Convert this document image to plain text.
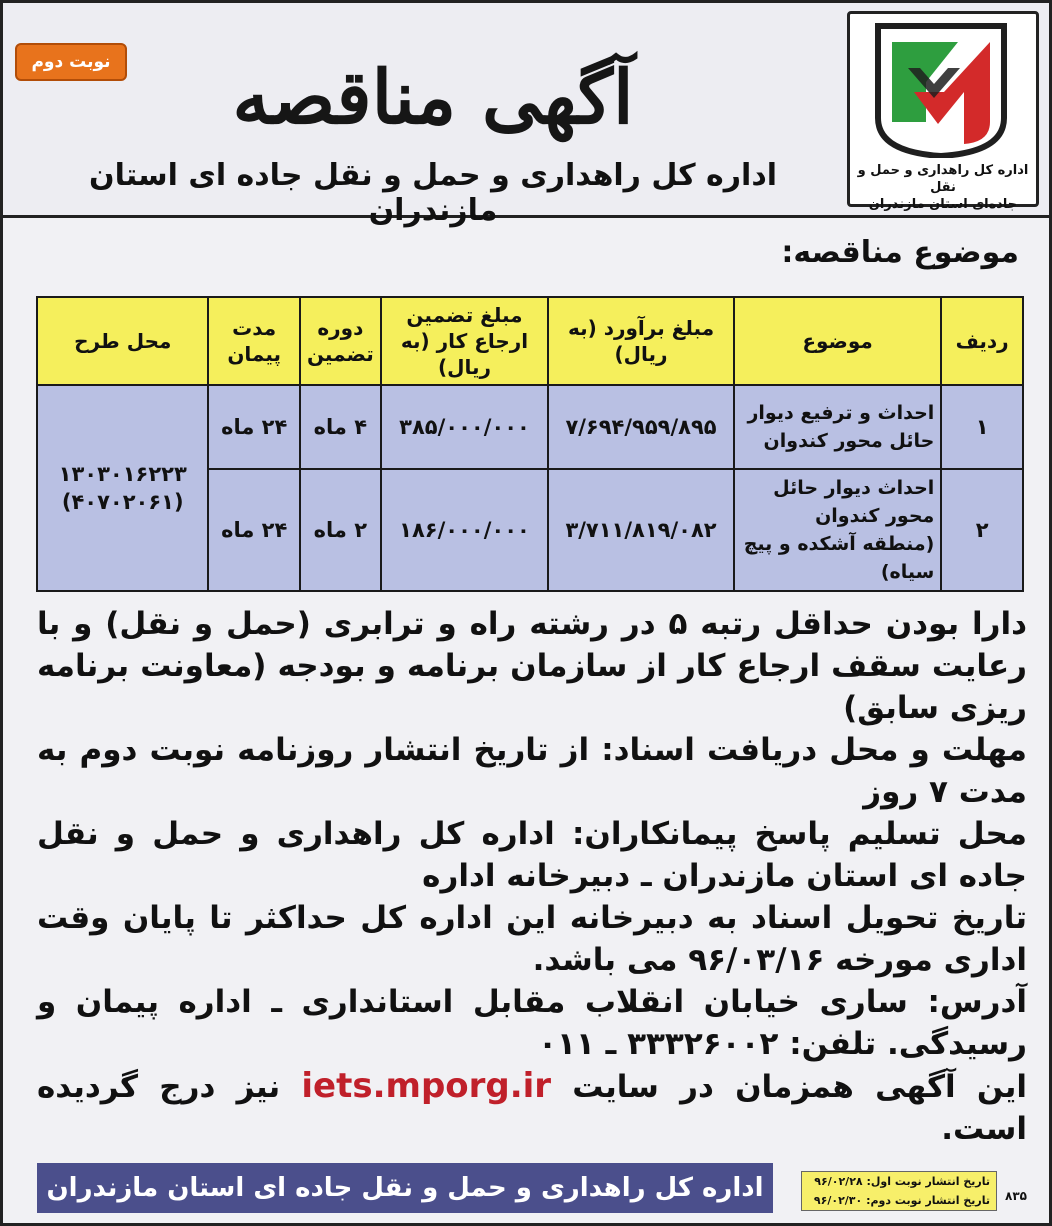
اداره کل راهداری و حمل و نقل
جاده‌ای استان مازندران
نوبت دوم	آگهی مناقصه
اداره کل راهداری و حمل و نقل جاده ای استان مازندران
موضوع مناقصه:
ردیف	موضوع	مبلغ برآورد (به ریال)	مبلغ تضمین ارجاع کار (به ریال)	دوره تضمین	مدت پیمان	محل طرح
۱	احداث و ترفیع دیوار حائل محور کندوان	۷/۶۹۴/۹۵۹/۸۹۵	۳۸۵/۰۰۰/۰۰۰	۴ ماه	۲۴ ماه	۱۳۰۳۰۱۶۲۲۳
(۴۰۷۰۲۰۶۱)

۲	احداث دیوار حائل محور کندوان (منطقه آشکده و پیچ سیاه)	۳/۷۱۱/۸۱۹/۰۸۲	۱۸۶/۰۰۰/۰۰۰	۲ ماه	۲۴ ماه	

دارا بودن حداقل رتبه ۵ در رشته راه و ترابری (حمل و نقل) و با رعایت سقف ارجاع کار از سازمان برنامه و بودجه (معاونت برنامه ریزی سابق)

مهلت و محل دریافت اسناد: از تاریخ انتشار روزنامه نوبت دوم به مدت ۷ روز

محل تسلیم پاسخ پیمانکاران: اداره کل راهداری و حمل و نقل جاده ای استان مازندران ـ دبیرخانه اداره

تاریخ تحویل اسناد به دبیرخانه این اداره کل حداکثر تا پایان وقت اداری مورخه ۹۶/۰۳/۱۶ می باشد.

آدرس: ساری خیابان انقلاب مقابل استانداری ـ اداره پیمان و رسیدگی. تلفن: ۳۳۳۲۶۰۰۲ ـ ۰۱۱

این آگهی همزمان در سایت iets.mporg.ir نیز درج گردیده است.

اداره کل راهداری و حمل و نقل جاده ای استان مازندران	تاریخ انتشار نوبت اول: ۹۶/۰۲/۲۸
تاریخ انتشار نوبت دوم: ۹۶/۰۲/۳۰ ۸۳۵
